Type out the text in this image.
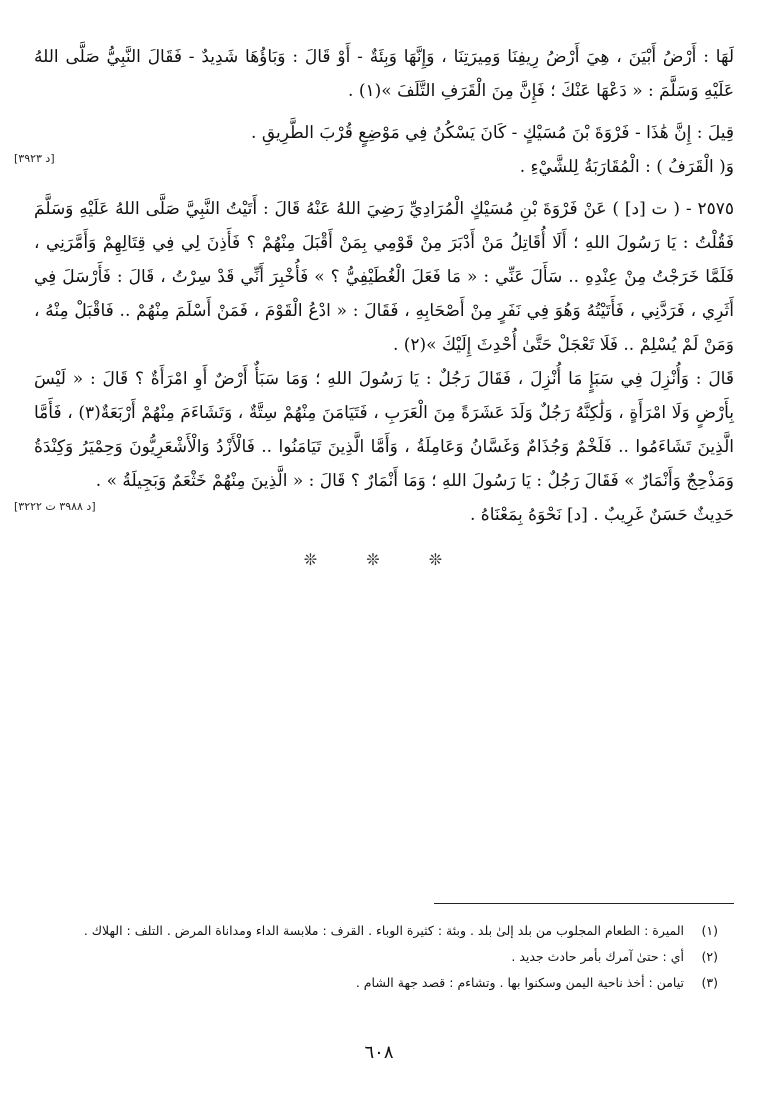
لَهَا : أَرْضُ أَبْيَنَ ، هِيَ أَرْضُ رِيفِنَا وَمِيرَتِنَا ، وَإِنَّهَا وَبِئَةٌ - أَوْ قَالَ : وَبَاؤُهَا شَدِيدٌ - فَقَالَ النَّبِيُّ صَلَّى اللهُ عَلَيْهِ وَسَلَّمَ : « دَعْهَا عَنْكَ ؛ فَإِنَّ مِنَ الْقَرَفِ التَّلَفَ »(١) .

قِيلَ : إِنَّ هَٰذَا - فَرْوَةَ بْنَ مُسَيْكٍ - كَانَ يَسْكُنُ فِي مَوْضِعٍ قُرْبَ الطَّرِيقِ .

وَ( الْقَرَفُ ) : الْمُقَارَبَةُ لِلشَّيْءِ .

[د ٣٩٢٣]

٢٥٧٥ - ( ت [د] ) عَنْ فَرْوَةَ بْنِ مُسَيْكٍ الْمُرَادِيِّ رَضِيَ اللهُ عَنْهُ قَالَ : أَتَيْتُ النَّبِيَّ صَلَّى اللهُ عَلَيْهِ وَسَلَّمَ فَقُلْتُ : يَا رَسُولَ اللهِ ؛ أَلَا أُقَاتِلُ مَنْ أَدْبَرَ مِنْ قَوْمِي بِمَنْ أَقْبَلَ مِنْهُمْ ؟ فَأَذِنَ لِي فِي قِتَالِهِمْ وَأَمَّرَنِي ، فَلَمَّا خَرَجْتُ مِنْ عِنْدِهِ .. سَأَلَ عَنِّي : « مَا فَعَلَ الْغُطَيْفِيُّ ؟ » فَأُخْبِرَ أَنِّي قَدْ سِرْتُ ، قَالَ : فَأَرْسَلَ فِي أَثَرِي ، فَرَدَّنِي ، فَأَتَيْتُهُ وَهُوَ فِي نَفَرٍ مِنْ أَصْحَابِهِ ، فَقَالَ : « ادْعُ الْقَوْمَ ، فَمَنْ أَسْلَمَ مِنْهُمْ .. فَاقْبَلْ مِنْهُ ، وَمَنْ لَمْ يُسْلِمْ .. فَلَا تَعْجَلْ حَتَّىٰ أُحْدِثَ إِلَيْكَ »(٢) .

قَالَ : وَأُنْزِلَ فِي سَبَإٍ مَا أُنْزِلَ ، فَقَالَ رَجُلٌ : يَا رَسُولَ اللهِ ؛ وَمَا سَبَأٌ أَرْضٌ أَوِ امْرَأَةٌ ؟ قَالَ : « لَيْسَ بِأَرْضٍ وَلَا امْرَأَةٍ ، وَلَٰكِنَّهُ رَجُلٌ وَلَدَ عَشَرَةً مِنَ الْعَرَبِ ، فَتَيَامَنَ مِنْهُمْ سِتَّةٌ ، وَتَشَاءَمَ مِنْهُمْ أَرْبَعَةٌ(٣) ، فَأَمَّا الَّذِينَ تَشَاءَمُوا .. فَلَخْمٌ وَجُذَامٌ وَغَسَّانُ وَعَامِلَةُ ، وَأَمَّا الَّذِينَ تَيَامَنُوا .. فَالْأَزْدُ وَالْأَشْعَرِيُّونَ وَحِمْيَرُ وَكِنْدَةُ وَمَذْحِجٌ وَأَنْمَارٌ » فَقَالَ رَجُلٌ : يَا رَسُولَ اللهِ ؛ وَمَا أَنْمَارٌ ؟ قَالَ : « الَّذِينَ مِنْهُمْ خَثْعَمٌ وَبَجِيلَةُ » .

حَدِيثٌ حَسَنٌ غَرِيبٌ . [د] نَحْوَهُ بِمَعْنَاهُ .

[د ٣٩٨٨ ت ٣٢٢٢]
❊ ❊ ❊
(١)
الميرة : الطعام المجلوب من بلد إلىٰ بلد . وبئة : كثيرة الوباء . القرف : ملابسة الداء ومداناة المرض . التلف : الهلاك .
(٢)
أي : حتىٰ آمرك بأمر حادث جديد .
(٣)
تيامن : أخذ ناحية اليمن وسكنوا بها . وتشاءم : قصد جهة الشام .
٦٠٨
